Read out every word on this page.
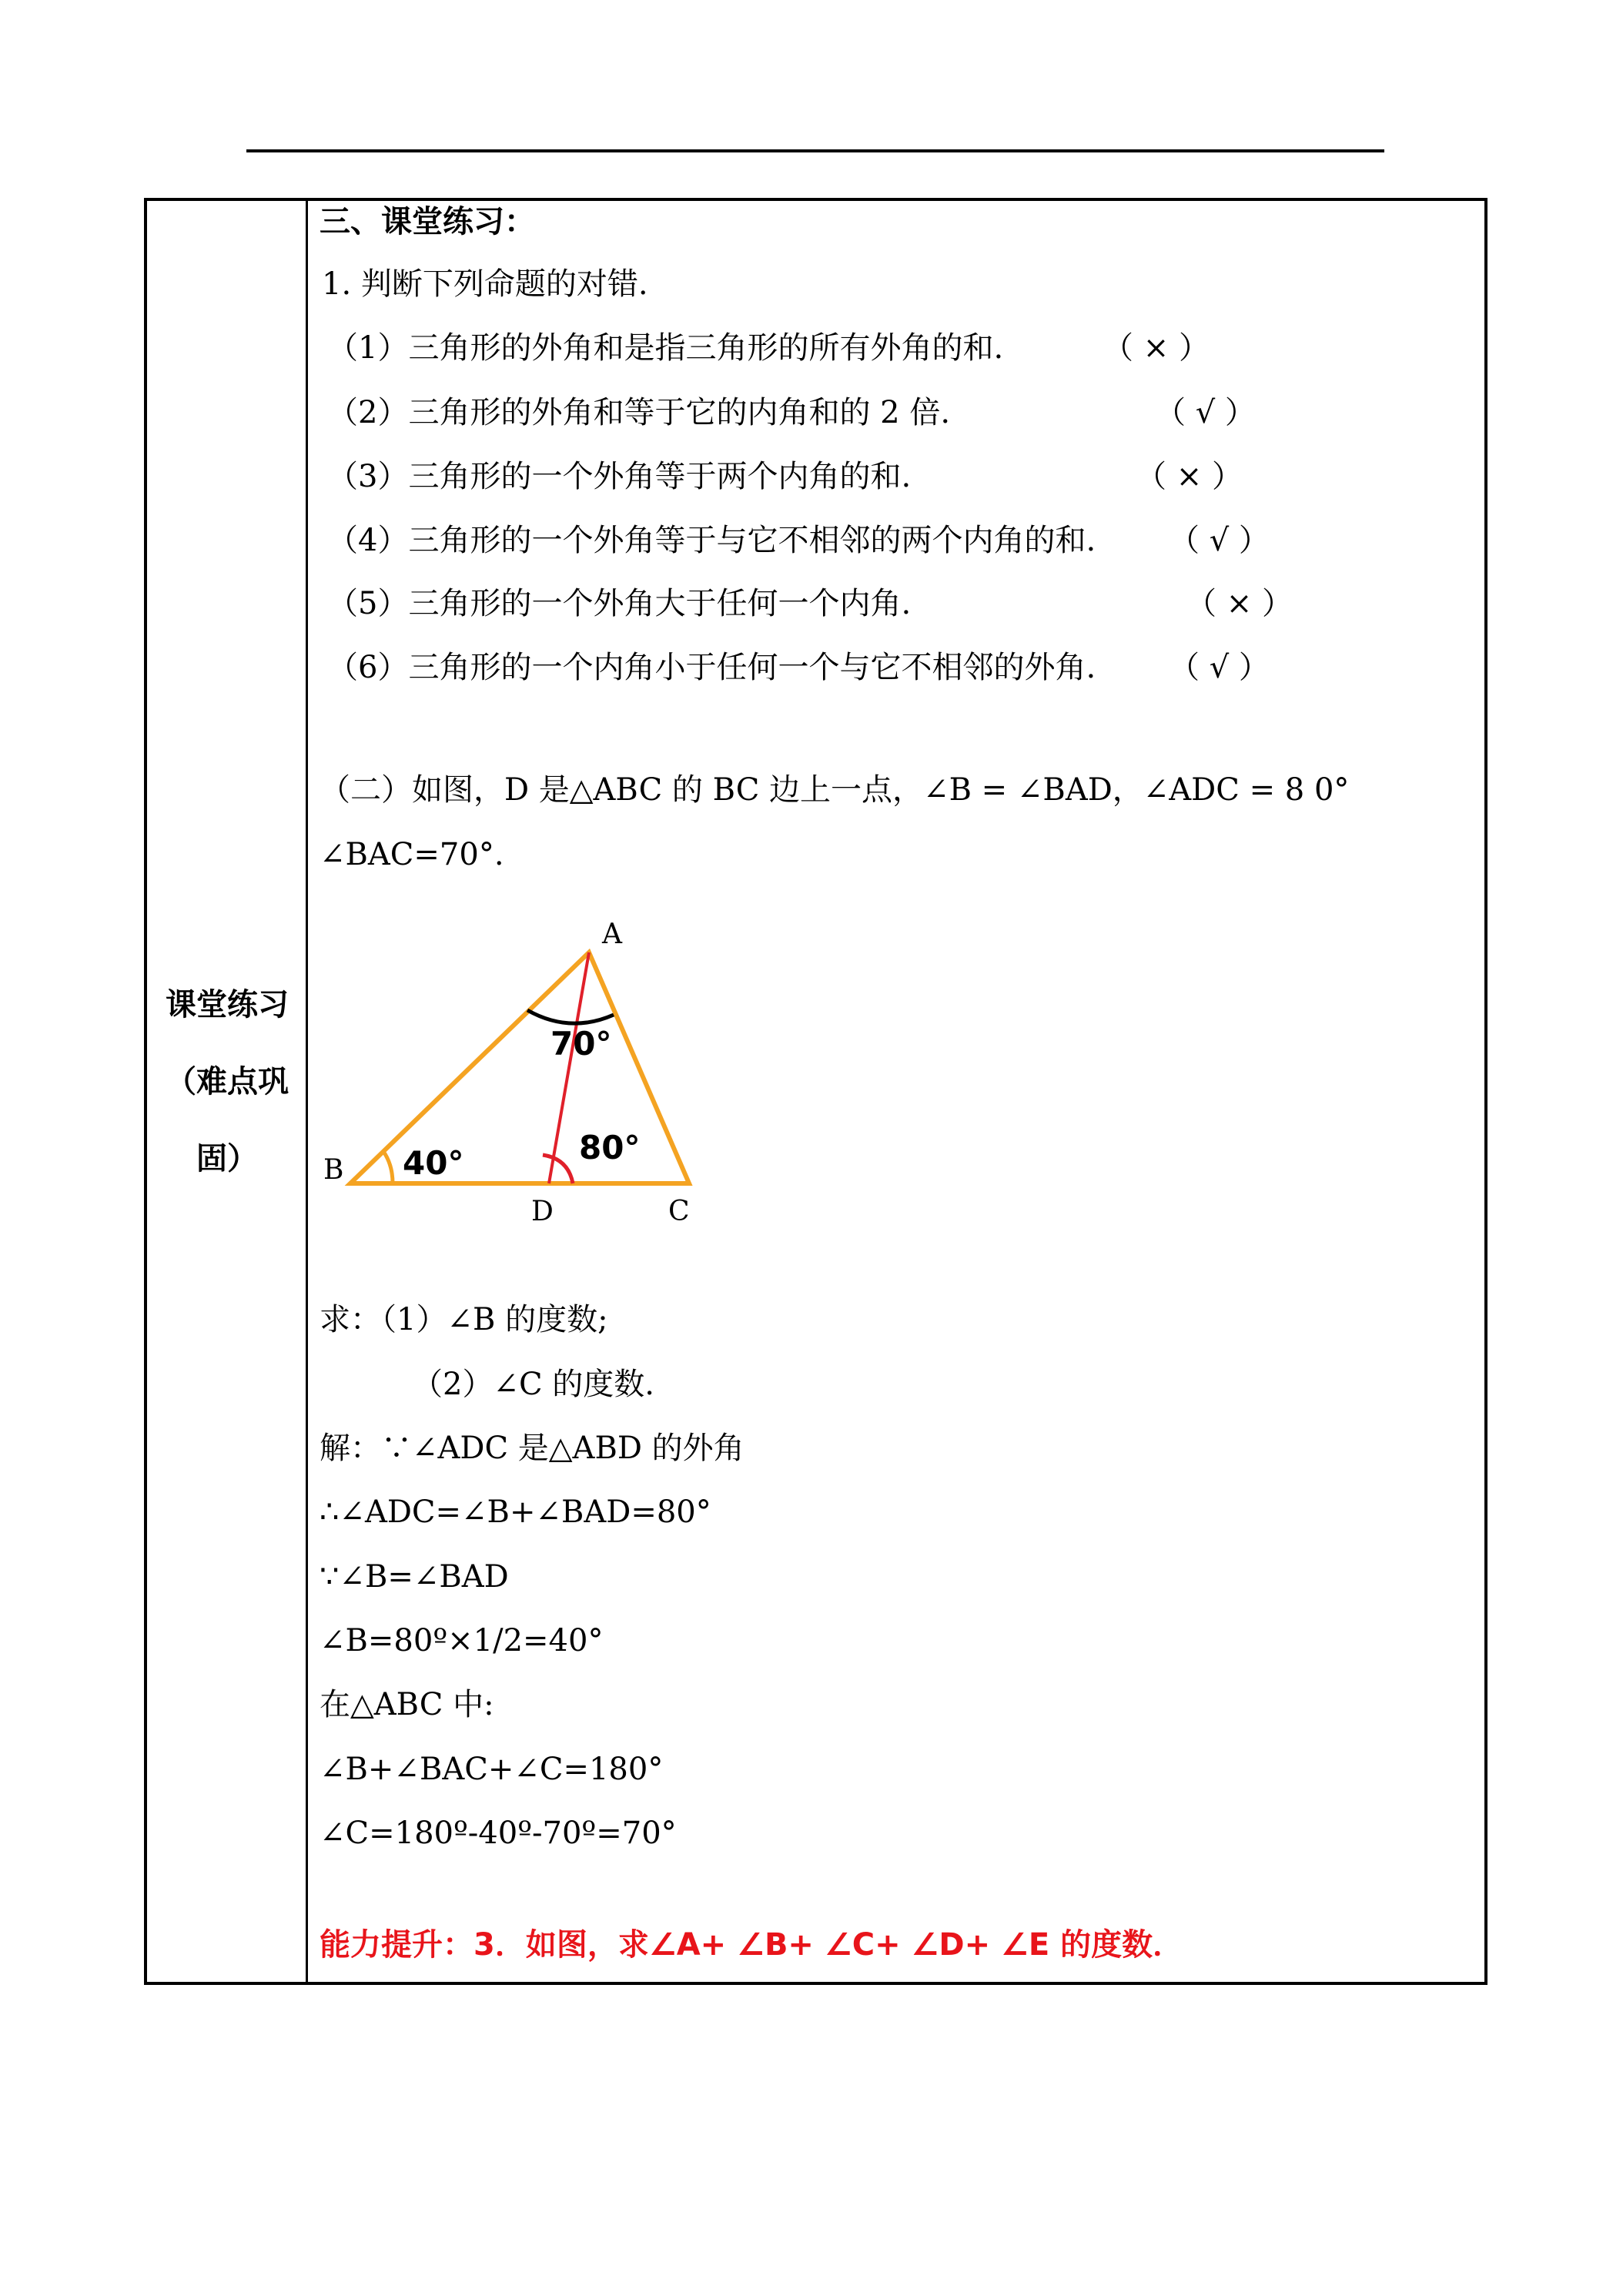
课堂练习
（难点巩
固）
三、课堂练习：
1. 判断下列命题的对错.
（1）三角形的外角和是指三角形的所有外角的和.	（ × ）
（2）三角形的外角和等于它的内角和的 2 倍.	（ √ ）
（3）三角形的一个外角等于两个内角的和.	（ × ）
（4）三角形的一个外角等于与它不相邻的两个内角的和. （ √ ）
（5）三角形的一个外角大于任何一个内角.	（ × ）
（6）三角形的一个内角小于任何一个与它不相邻的外角. （ √ ）
（二）如图，D 是△ABC 的 BC 边上一点，∠B = ∠BAD，∠ADC = 8 0°
∠BAC=70°.
A
B
D	C
70°
40°	80°
求：（1）∠B 的度数;
（2）∠C 的度数.
解：∵∠ADC 是△ABD 的外角
∴∠ADC=∠B+∠BAD=80°
∵∠B=∠BAD
∠B=80º×1/2=40°
在△ABC 中:
∠B+∠BAC+∠C=180°
∠C=180º-40º-70º=70°
能力提升：3．如图，求∠A+ ∠B+ ∠C+ ∠D+ ∠E 的度数．
